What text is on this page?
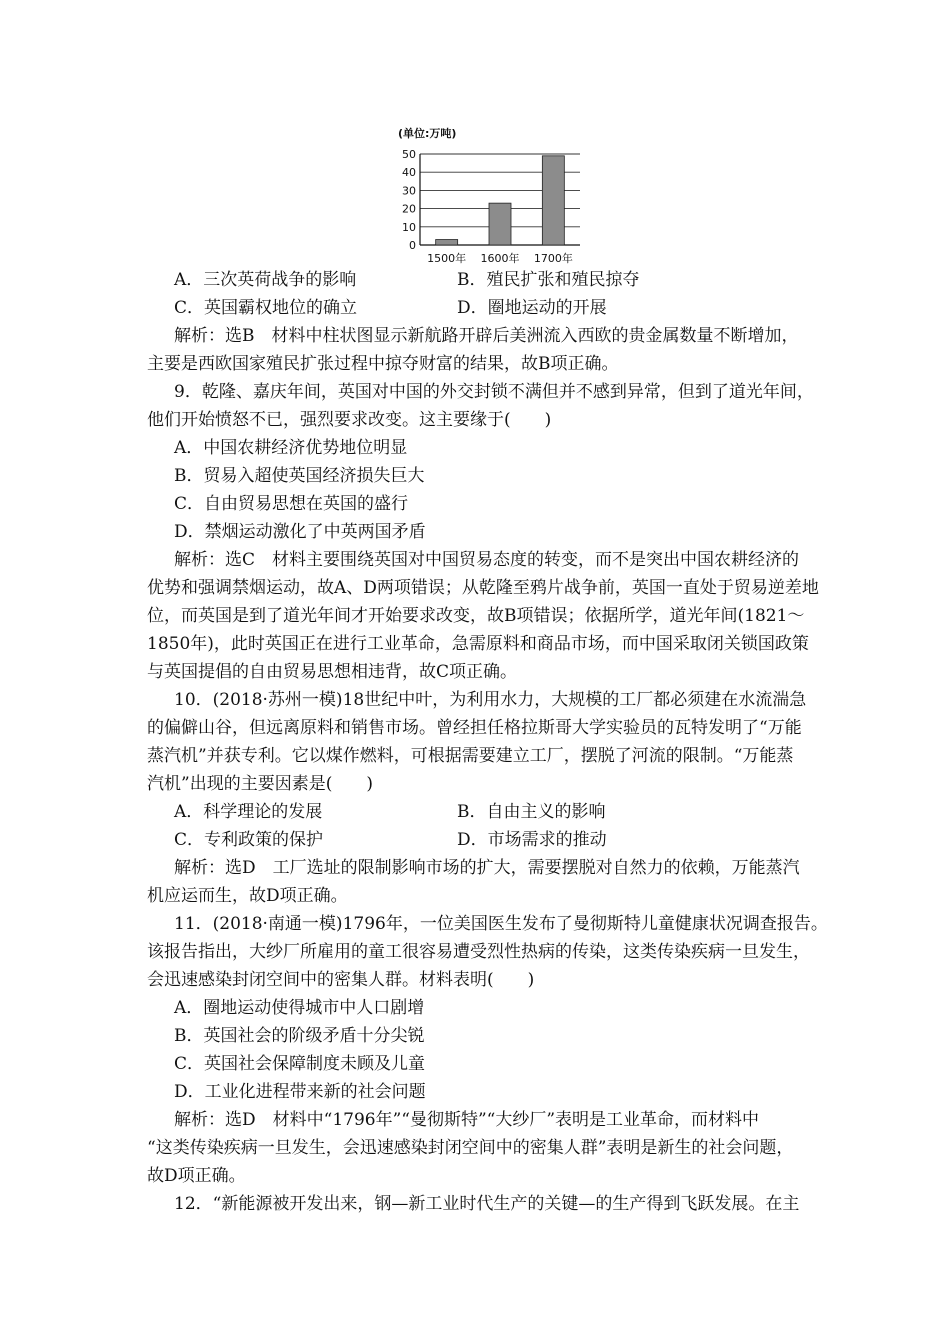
(单位:万吨)
0
10
20
30
40
50
1500年 1600年 1700年
A．三次英荷战争的影响	B．殖民扩张和殖民掠夺
C．英国霸权地位的确立	D．圈地运动的开展
解析：选B　材料中柱状图显示新航路开辟后美洲流入西欧的贵金属数量不断增加，
主要是西欧国家殖民扩张过程中掠夺财富的结果，故B项正确。
9．乾隆、嘉庆年间，英国对中国的外交封锁不满但并不感到异常，但到了道光年间，
他们开始愤怒不已，强烈要求改变。这主要缘于(　　)
A．中国农耕经济优势地位明显
B．贸易入超使英国经济损失巨大
C．自由贸易思想在英国的盛行
D．禁烟运动激化了中英两国矛盾
解析：选C　材料主要围绕英国对中国贸易态度的转变，而不是突出中国农耕经济的
优势和强调禁烟运动，故A、D两项错误；从乾隆至鸦片战争前，英国一直处于贸易逆差地
位，而英国是到了道光年间才开始要求改变，故B项错误；依据所学，道光年间(1821～
1850年)，此时英国正在进行工业革命，急需原料和商品市场，而中国采取闭关锁国政策
与英国提倡的自由贸易思想相违背，故C项正确。
10．(2018·苏州一模)18世纪中叶，为利用水力，大规模的工厂都必须建在水流湍急
的偏僻山谷，但远离原料和销售市场。曾经担任格拉斯哥大学实验员的瓦特发明了“万能
蒸汽机”并获专利。它以煤作燃料，可根据需要建立工厂，摆脱了河流的限制。“万能蒸
汽机”出现的主要因素是(　　)
A．科学理论的发展	B．自由主义的影响
C．专利政策的保护	D．市场需求的推动
解析：选D　工厂选址的限制影响市场的扩大，需要摆脱对自然力的依赖，万能蒸汽
机应运而生，故D项正确。
11．(2018·南通一模)1796年，一位美国医生发布了曼彻斯特儿童健康状况调查报告。
该报告指出，大纱厂所雇用的童工很容易遭受烈性热病的传染，这类传染疾病一旦发生，
会迅速感染封闭空间中的密集人群。材料表明(　　)
A．圈地运动使得城市中人口剧增
B．英国社会的阶级矛盾十分尖锐
C．英国社会保障制度未顾及儿童
D．工业化进程带来新的社会问题
解析：选D　材料中“1796年”“曼彻斯特”“大纱厂”表明是工业革命，而材料中
“这类传染疾病一旦发生，会迅速感染封闭空间中的密集人群”表明是新生的社会问题，
故D项正确。
12．“新能源被开发出来，钢—新工业时代生产的关键—的生产得到飞跃发展。在主
